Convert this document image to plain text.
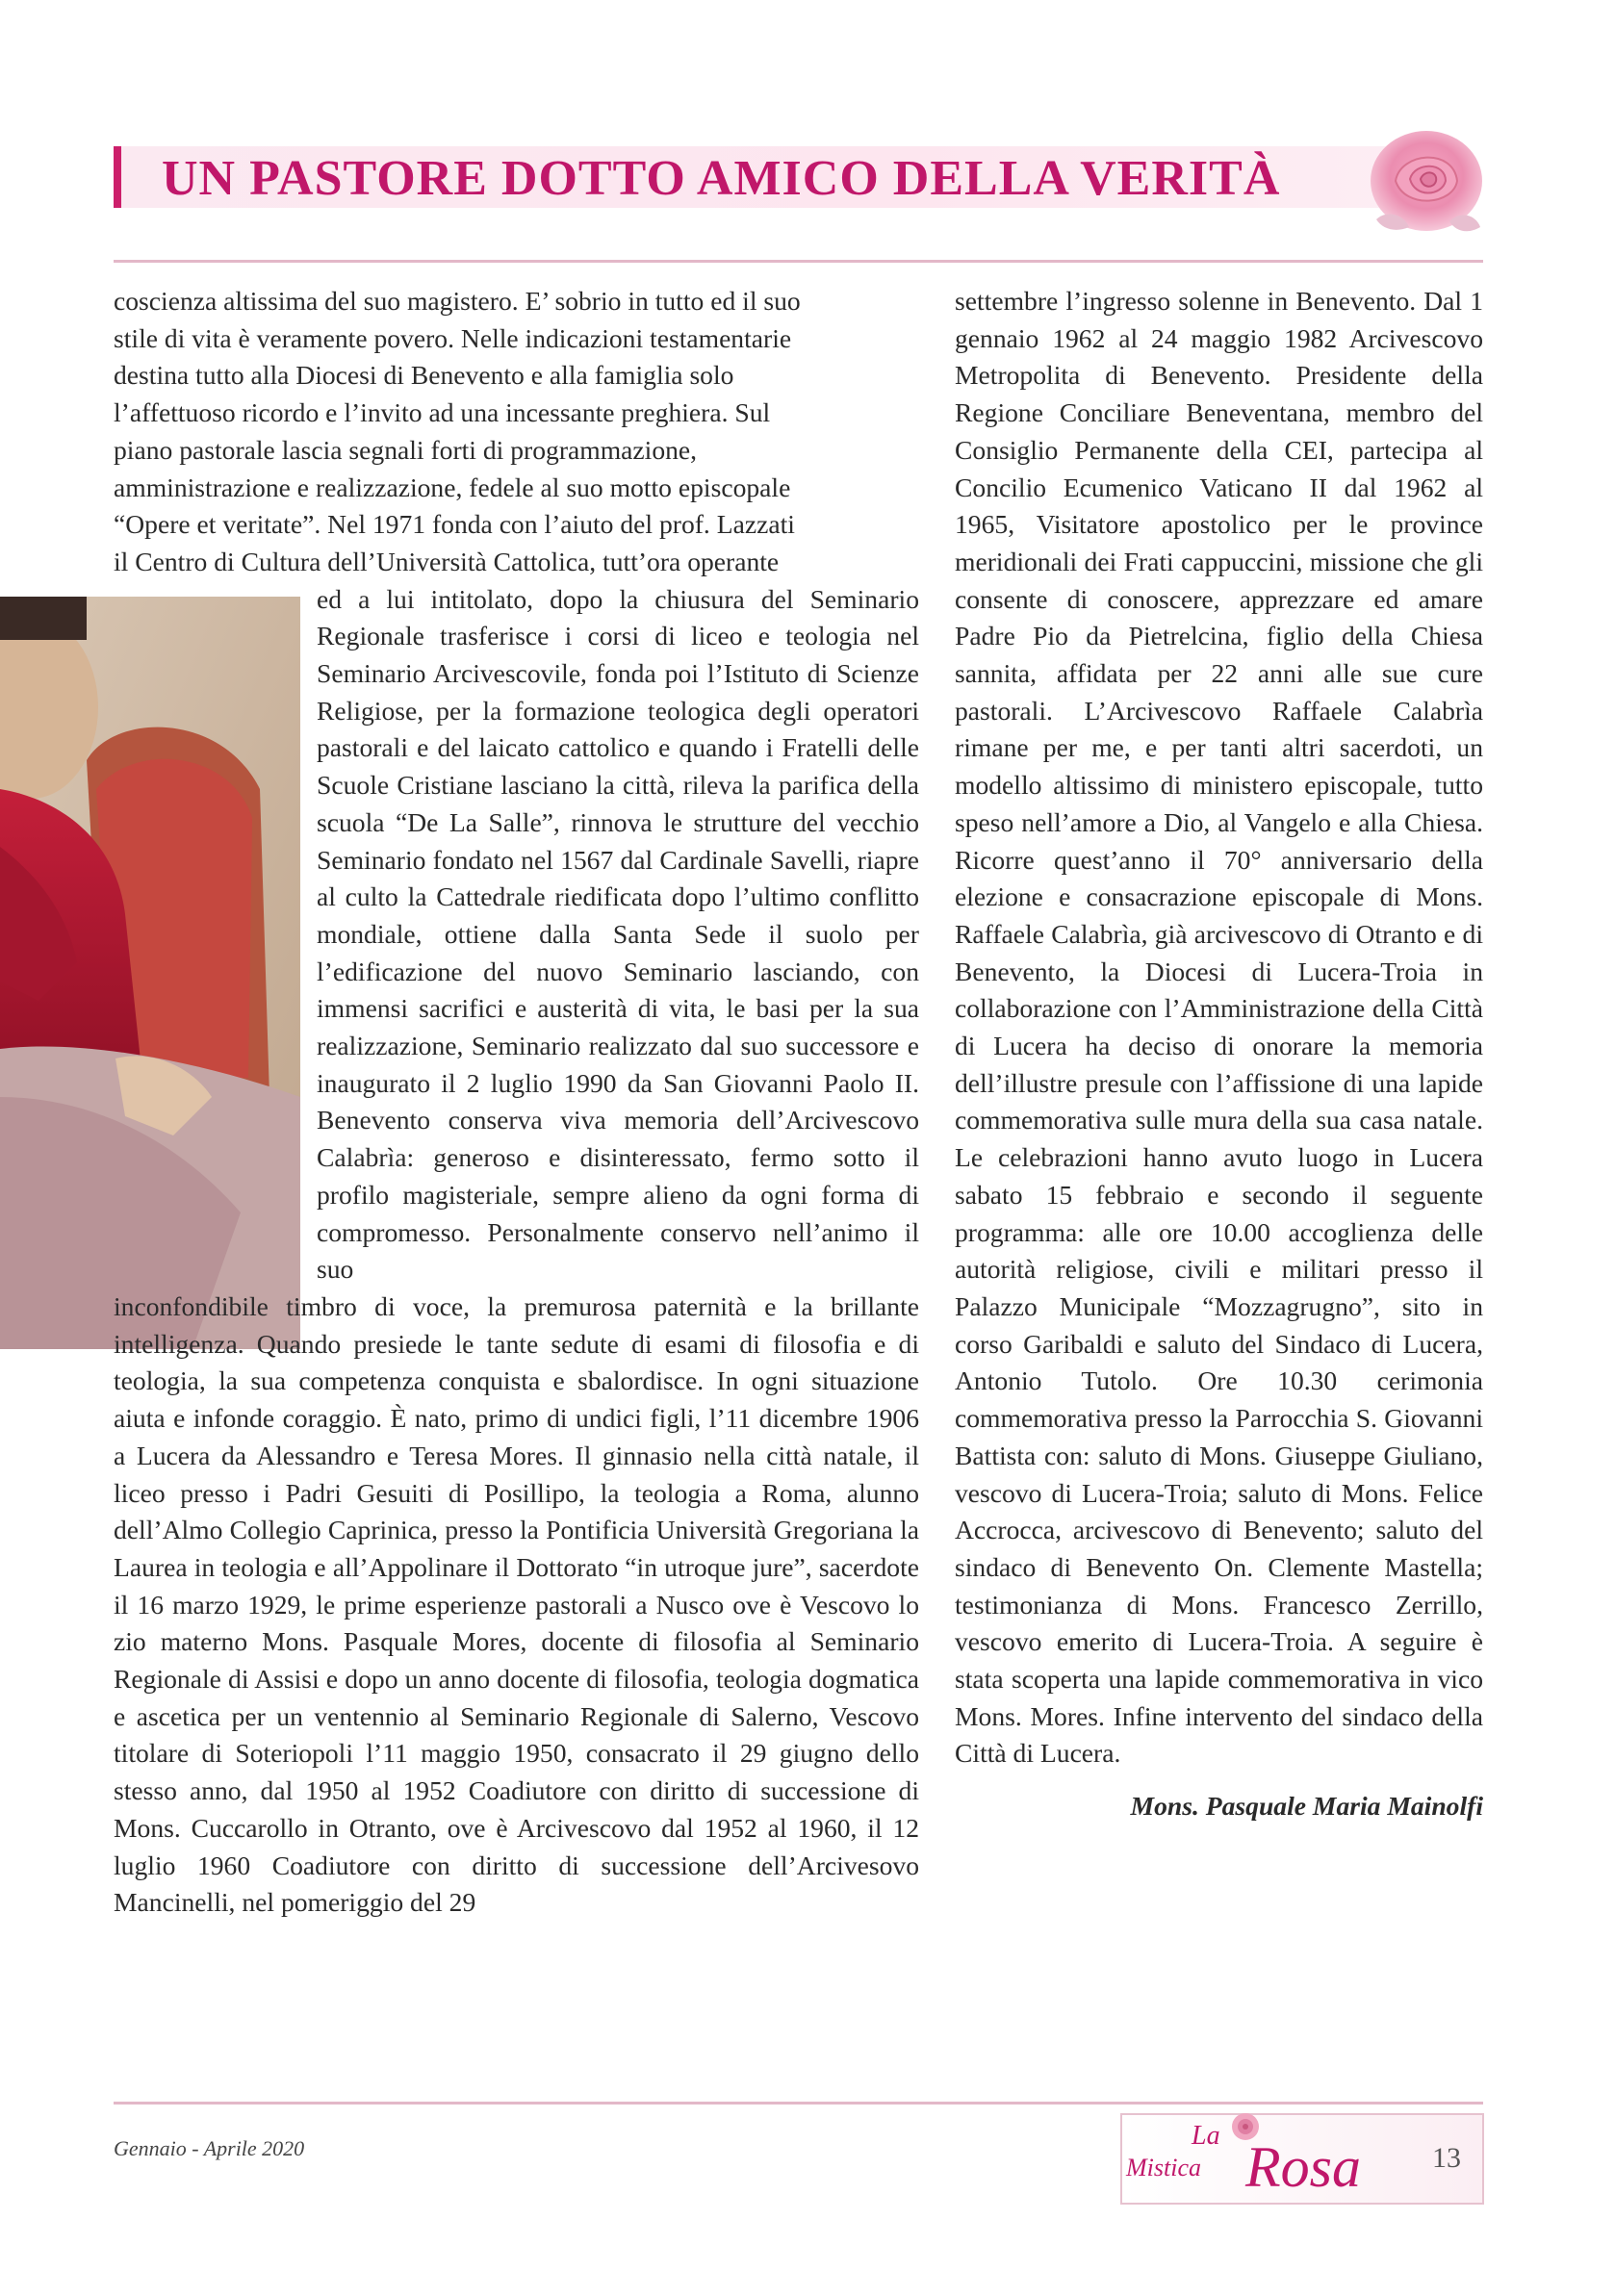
UN PASTORE DOTTO AMICO DELLA VERITÀ

coscienza altissima del suo magistero. E’ sobrio in tutto ed il suo

stile di vita è veramente povero. Nelle indicazioni testamentarie

destina tutto alla Diocesi di Benevento e alla famiglia solo

l’affettuoso ricordo e l’invito ad una incessante preghiera. Sul

piano pastorale lascia segnali forti di programmazione,

amministrazione e realizzazione, fedele al suo motto episcopale

“Opere et veritate”. Nel 1971 fonda con l’aiuto del prof. Lazzati

il Centro di Cultura dell’Università Cattolica, tutt’ora operante

ed a lui intitolato, dopo la chiusura del Seminario Regionale trasferisce i corsi di liceo e teologia nel Seminario Arcivescovile, fonda poi l’Istituto di Scienze Religiose, per la formazione teologica degli operatori pastorali e del laicato cattolico e quando i Fratelli delle Scuole Cristiane lasciano la città, rileva la parifica della scuola “De La Salle”, rinnova le strutture del vecchio Seminario fondato nel 1567 dal Cardinale Savelli, riapre al culto la Cattedrale riedificata dopo l’ultimo conflitto mondiale, ottiene dalla Santa Sede il suolo per l’edificazione del nuovo Seminario lasciando, con immensi sacrifici e austerità di vita, le basi per la sua realizzazione, Seminario realizzato dal suo successore e inaugurato il 2 luglio 1990 da San Giovanni Paolo II. Benevento conserva viva memoria dell’Arcivescovo Calabrìa: generoso e disinteressato, fermo sotto il profilo magisteriale, sempre alieno da ogni forma di compromesso. Personalmente conservo nell’animo il suo

inconfondibile timbro di voce, la premurosa paternità e la brillante intelligenza. Quando presiede le tante sedute di esami di filosofia e di teologia, la sua competenza conquista e sbalordisce. In ogni situazione aiuta e infonde coraggio. È nato, primo di undici figli, l’11 dicembre 1906 a Lucera da Alessandro e Teresa Mores. Il ginnasio nella città natale, il liceo presso i Padri Gesuiti di Posillipo, la teologia a Roma, alunno dell’Almo Collegio Caprinica, presso la Pontificia Università Gregoriana la Laurea in teologia e all’Appolinare il Dottorato “in utroque jure”, sacerdote il 16 marzo 1929, le prime esperienze pastorali a Nusco ove è Vescovo lo zio materno Mons. Pasquale Mores, docente di filosofia al Seminario Regionale di Assisi e dopo un anno docente di filosofia, teologia dogmatica e ascetica per un ventennio al Seminario Regionale di Salerno, Vescovo titolare di Soteriopoli l’11 maggio 1950, consacrato il 29 giugno dello stesso anno, dal 1950 al 1952 Coadiutore con diritto di successione di Mons. Cuccarollo in Otranto, ove è Arcivescovo dal 1952 al 1960, il 12 luglio 1960 Coadiutore con diritto di successione dell’Arcivesovo Mancinelli, nel pomeriggio del 29

settembre l’ingresso solenne in Benevento. Dal 1 gennaio 1962 al 24 maggio 1982 Arcivescovo Metropolita di Benevento. Presidente della Regione Conciliare Beneventana, membro del Consiglio Permanente della CEI, partecipa al Concilio Ecumenico Vaticano II dal 1962 al 1965, Visitatore apostolico per le province meridionali dei Frati cappuccini, missione che gli consente di conoscere, apprezzare ed amare Padre Pio da Pietrelcina, figlio della Chiesa sannita, affidata per 22 anni alle sue cure pastorali. L’Arcivescovo Raffaele Calabrìa rimane per me, e per tanti altri sacerdoti, un modello altissimo di ministero episcopale, tutto speso nell’amore a Dio, al Vangelo e alla Chiesa. Ricorre quest’anno il 70° anniversario della elezione e consacrazione episcopale di Mons. Raffaele Calabrìa, già arcivescovo di Otranto e di Benevento, la Diocesi di Lucera-Troia in collaborazione con l’Amministrazione della Città di Lucera ha deciso di onorare la memoria dell’illustre presule con l’affissione di una lapide commemorativa sulle mura della sua casa natale. Le celebrazioni hanno avuto luogo in Lucera sabato 15 febbraio e secondo il seguente programma: alle ore 10.00 accoglienza delle autorità religiose, civili e militari presso il Palazzo Municipale “Mozzagrugno”, sito in corso Garibaldi e saluto del Sindaco di Lucera, Antonio Tutolo. Ore 10.30 cerimonia commemorativa presso la Parrocchia S. Giovanni Battista con: saluto di Mons. Giuseppe Giuliano, vescovo di Lucera-Troia; saluto di Mons. Felice Accrocca, arcivescovo di Benevento; saluto del sindaco di Benevento On. Clemente Mastella; testimonianza di Mons. Francesco Zerrillo, vescovo emerito di Lucera-Troia. A seguire è stata scoperta una lapide commemorativa in vico Mons. Mores. Infine intervento del sindaco della Città di Lucera.

Mons. Pasquale Maria Mainolfi

Gennaio - Aprile 2020	La
Mistica Rosa 13
